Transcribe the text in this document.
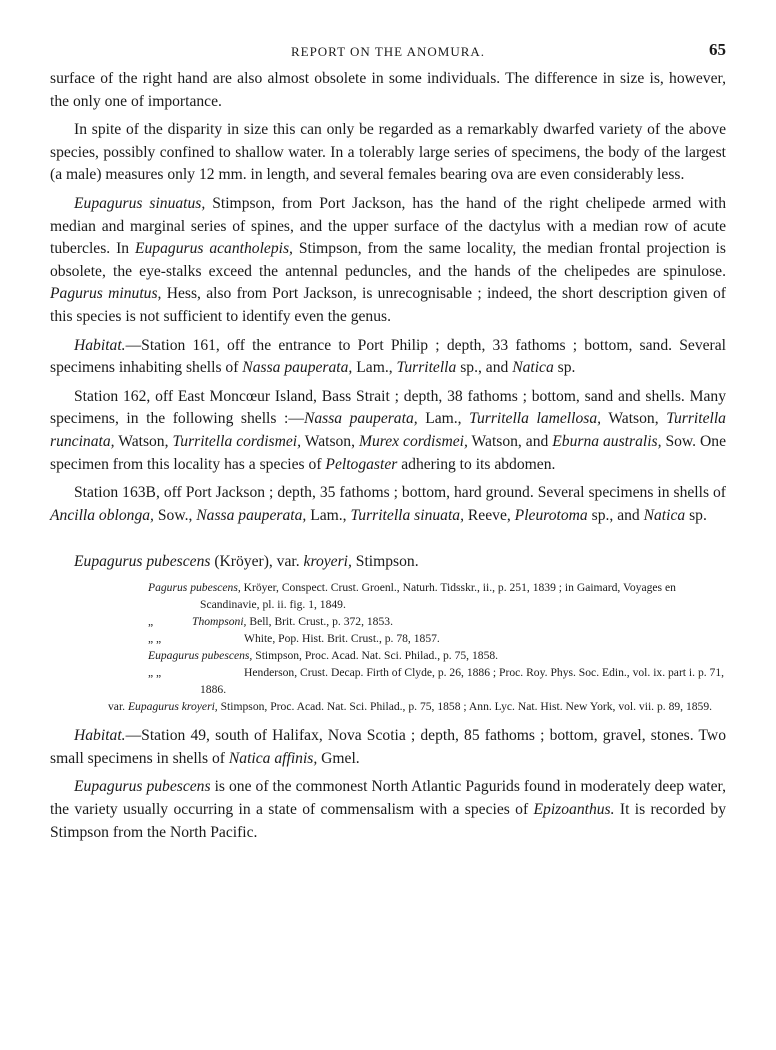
REPORT ON THE ANOMURA.	65

surface of the right hand are also almost obsolete in some individuals. The difference in size is, however, the only one of importance.

In spite of the disparity in size this can only be regarded as a remarkably dwarfed variety of the above species, possibly confined to shallow water. In a tolerably large series of specimens, the body of the largest (a male) measures only 12 mm. in length, and several females bearing ova are even considerably less.

Eupagurus sinuatus, Stimpson, from Port Jackson, has the hand of the right chelipede armed with median and marginal series of spines, and the upper surface of the dactylus with a median row of acute tubercles. In Eupagurus acantholepis, Stimpson, from the same locality, the median frontal projection is obsolete, the eye-stalks exceed the antennal peduncles, and the hands of the chelipedes are spinulose. Pagurus minutus, Hess, also from Port Jackson, is unrecognisable ; indeed, the short description given of this species is not sufficient to identify even the genus.

Habitat.—Station 161, off the entrance to Port Philip ; depth, 33 fathoms ; bottom, sand. Several specimens inhabiting shells of Nassa pauperata, Lam., Turritella sp., and Natica sp.

Station 162, off East Moncœur Island, Bass Strait ; depth, 38 fathoms ; bottom, sand and shells. Many specimens, in the following shells :—Nassa pauperata, Lam., Turritella lamellosa, Watson, Turritella runcinata, Watson, Turritella cordismei, Watson, Murex cordismei, Watson, and Eburna australis, Sow. One specimen from this locality has a species of Peltogaster adhering to its abdomen.

Station 163B, off Port Jackson ; depth, 35 fathoms ; bottom, hard ground. Several specimens in shells of Ancilla oblonga, Sow., Nassa pauperata, Lam., Turritella sinuata, Reeve, Pleurotoma sp., and Natica sp.

Eupagurus pubescens (Kröyer), var. kroyeri, Stimpson.
Pagurus pubescens, Kröyer, Conspect. Crust. Groenl., Naturh. Tidsskr., ii., p. 251, 1839 ; in Gaimard, Voyages en Scandinavie, pl. ii. fig. 1, 1849.
„	Thompsoni, Bell, Brit. Crust., p. 372, 1853.
„ „	White, Pop. Hist. Brit. Crust., p. 78, 1857.
Eupagurus pubescens, Stimpson, Proc. Acad. Nat. Sci. Philad., p. 75, 1858.
„ „	Henderson, Crust. Decap. Firth of Clyde, p. 26, 1886 ; Proc. Roy. Phys. Soc. Edin., vol. ix. part i. p. 71, 1886.
var. Eupagurus kroyeri, Stimpson, Proc. Acad. Nat. Sci. Philad., p. 75, 1858 ; Ann. Lyc. Nat. Hist. New York, vol. vii. p. 89, 1859.

Habitat.—Station 49, south of Halifax, Nova Scotia ; depth, 85 fathoms ; bottom, gravel, stones. Two small specimens in shells of Natica affinis, Gmel.

Eupagurus pubescens is one of the commonest North Atlantic Pagurids found in moderately deep water, the variety usually occurring in a state of commensalism with a species of Epizoanthus. It is recorded by Stimpson from the North Pacific.
